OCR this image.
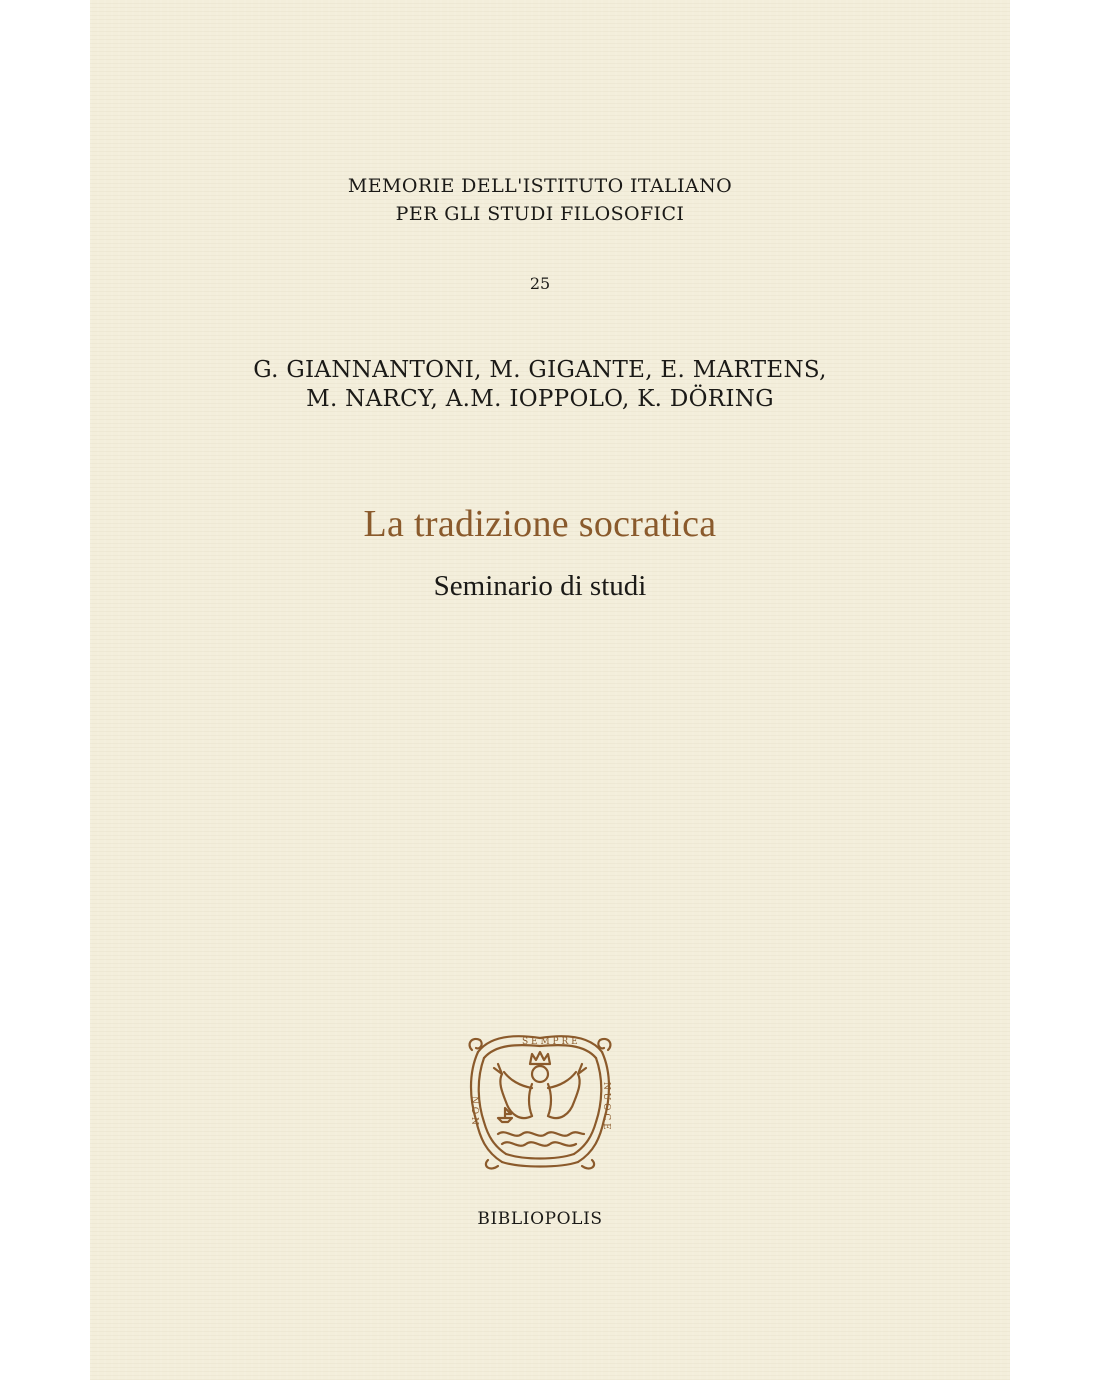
MEMORIE DELL'ISTITUTO ITALIANO
PER GLI STUDI FILOSOFICI

25

G. GIANNANTONI, M. GIGANTE, E. MARTENS,
M. NARCY, A.M. IOPPOLO, K. DÖRING

La tradizione socratica
Seminario di studi
S E M P R E
N O N	N U O C E

BIBLIOPOLIS
